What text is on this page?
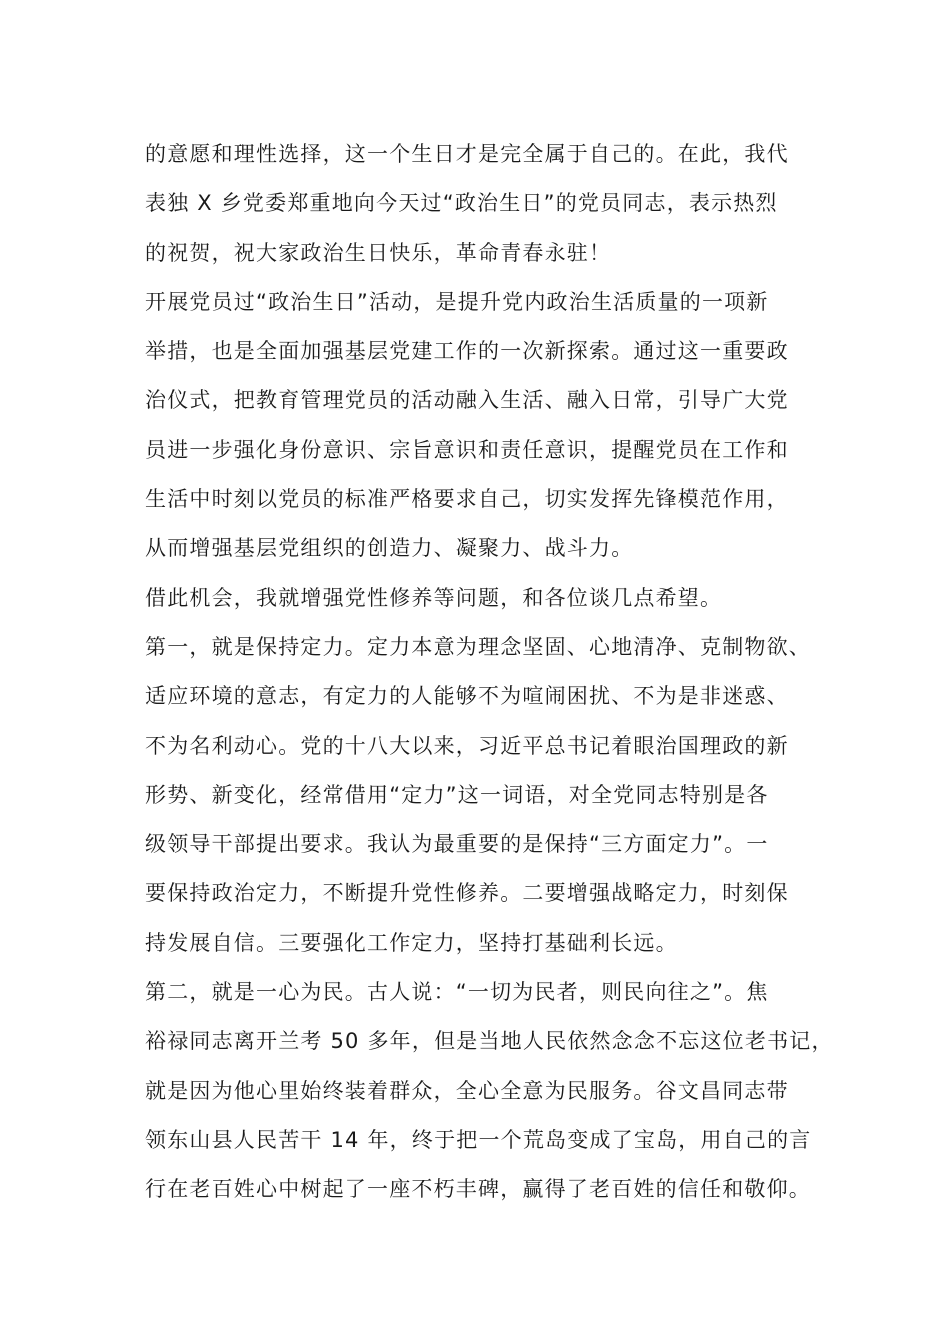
的意愿和理性选择，这一个生日才是完全属于自己的。在此，我代
表独 X 乡党委郑重地向今天过“政治生日”的党员同志，表示热烈
的祝贺，祝大家政治生日快乐，革命青春永驻！
开展党员过“政治生日”活动，是提升党内政治生活质量的一项新
举措，也是全面加强基层党建工作的一次新探索。通过这一重要政
治仪式，把教育管理党员的活动融入生活、融入日常，引导广大党
员进一步强化身份意识、宗旨意识和责任意识，提醒党员在工作和
生活中时刻以党员的标准严格要求自己，切实发挥先锋模范作用，
从而增强基层党组织的创造力、凝聚力、战斗力。
借此机会，我就增强党性修养等问题，和各位谈几点希望。
第一，就是保持定力。定力本意为理念坚固、心地清净、克制物欲、
适应环境的意志，有定力的人能够不为喧闹困扰、不为是非迷惑、
不为名利动心。党的十八大以来，习近平总书记着眼治国理政的新
形势、新变化，经常借用“定力”这一词语，对全党同志特别是各
级领导干部提出要求。我认为最重要的是保持“三方面定力”。一
要保持政治定力，不断提升党性修养。二要增强战略定力，时刻保
持发展自信。三要强化工作定力，坚持打基础利长远。
第二，就是一心为民。古人说：“一切为民者，则民向往之”。焦
裕禄同志离开兰考 50 多年，但是当地人民依然念念不忘这位老书记，
就是因为他心里始终装着群众，全心全意为民服务。谷文昌同志带
领东山县人民苦干 14 年，终于把一个荒岛变成了宝岛，用自己的言
行在老百姓心中树起了一座不朽丰碑，赢得了老百姓的信任和敬仰。
